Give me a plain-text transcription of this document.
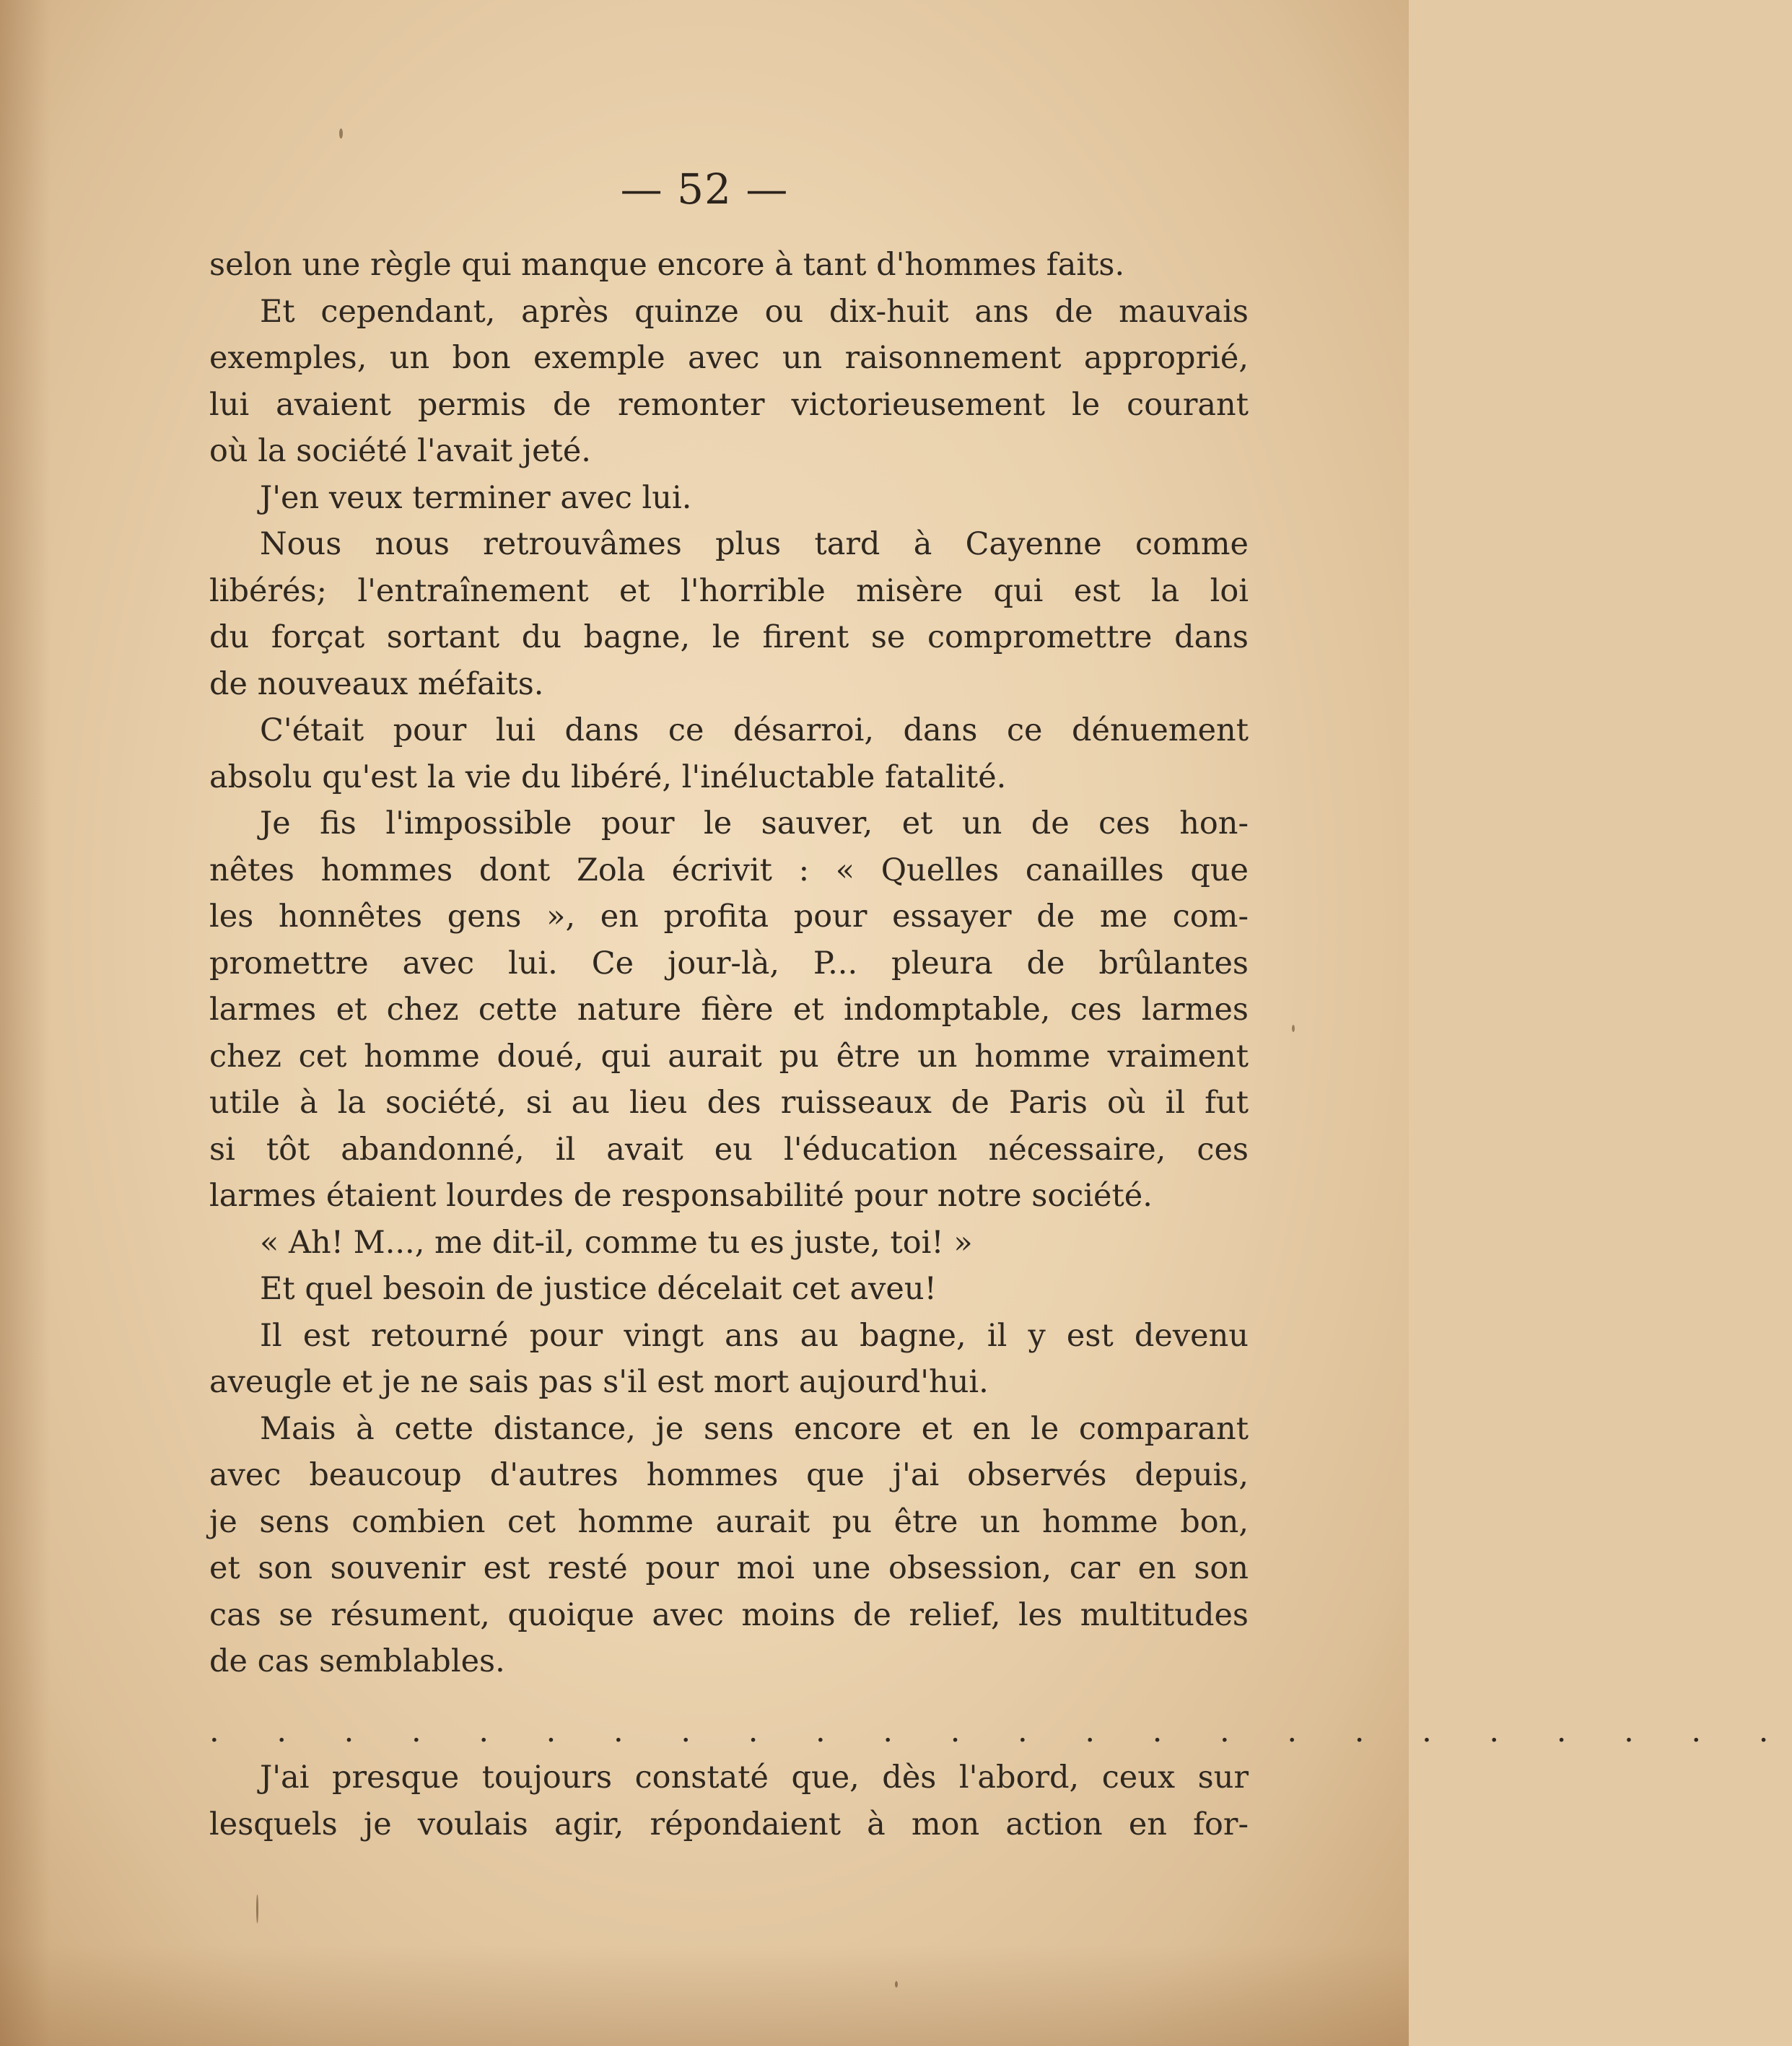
— 52 —
selon une règle qui manque encore à tant d'hommes faits.
Et cependant, après quinze ou dix-huit ans de mauvais
exemples, un bon exemple avec un raisonnement approprié,
lui avaient permis de remonter victorieusement le courant
où la société l'avait jeté.
J'en veux terminer avec lui.
Nous nous retrouvâmes plus tard à Cayenne comme
libérés; l'entraînement et l'horrible misère qui est la loi
du forçat sortant du bagne, le firent se compromettre dans
de nouveaux méfaits.
C'était pour lui dans ce désarroi, dans ce dénuement
absolu qu'est la vie du libéré, l'inéluctable fatalité.
Je fis l'impossible pour le sauver, et un de ces hon-
nêtes hommes dont Zola écrivit : « Quelles canailles que
les honnêtes gens », en profita pour essayer de me com-
promettre avec lui. Ce jour-là, P... pleura de brûlantes
larmes et chez cette nature fière et indomptable, ces larmes
chez cet homme doué, qui aurait pu être un homme vraiment
utile à la société, si au lieu des ruisseaux de Paris où il fut
si tôt abandonné, il avait eu l'éducation nécessaire, ces
larmes étaient lourdes de responsabilité pour notre société.
« Ah! M..., me dit-il, comme tu es juste, toi! »
Et quel besoin de justice décelait cet aveu!
Il est retourné pour vingt ans au bagne, il y est devenu
aveugle et je ne sais pas s'il est mort aujourd'hui.
Mais à cette distance, je sens encore et en le comparant
avec beaucoup d'autres hommes que j'ai observés depuis,
je sens combien cet homme aurait pu être un homme bon,
et son souvenir est resté pour moi une obsession, car en son
cas se résument, quoique avec moins de relief, les multitudes
de cas semblables.
. . . . . . . . . . . . . . . . . . . . . . . .
J'ai presque toujours constaté que, dès l'abord, ceux sur
lesquels je voulais agir, répondaient à mon action en for-
